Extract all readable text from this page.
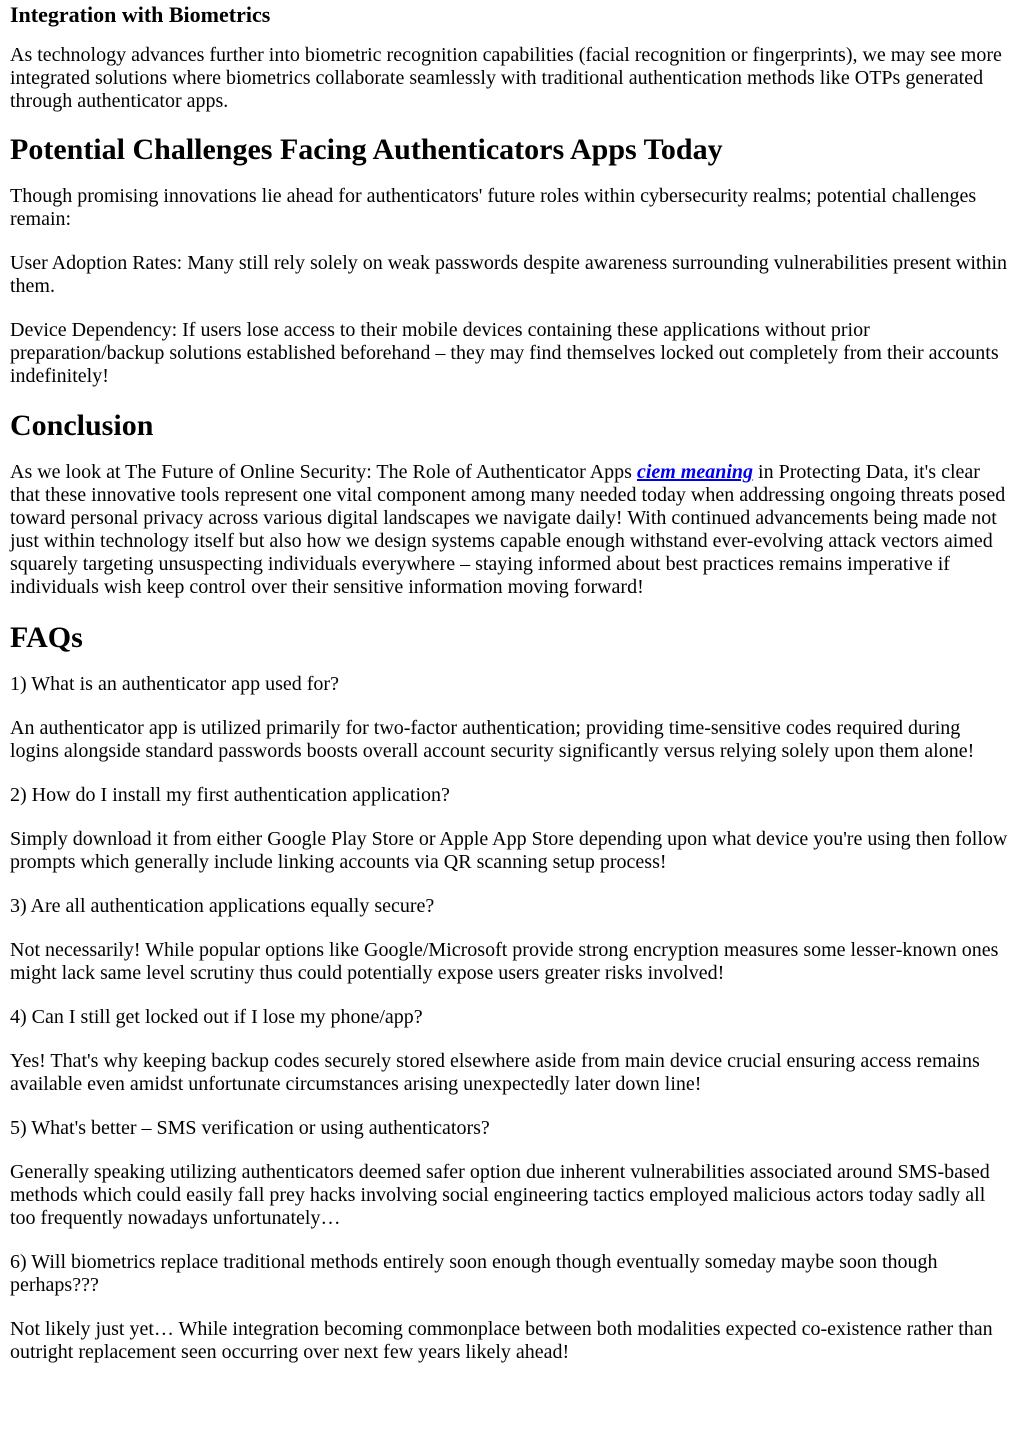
Integration with Biometrics

As technology advances further into biometric recognition capabilities (facial recognition or fingerprints), we may see more integrated solutions where biometrics collaborate seamlessly with traditional authentication methods like OTPs generated through authenticator apps.

Potential Challenges Facing Authenticators Apps Today

Though promising innovations lie ahead for authenticators' future roles within cybersecurity realms; potential challenges remain:

User Adoption Rates: Many still rely solely on weak passwords despite awareness surrounding vulnerabilities present within them.

Device Dependency: If users lose access to their mobile devices containing these applications without prior preparation/backup solutions established beforehand – they may find themselves locked out completely from their accounts indefinitely!

Conclusion

As we look at The Future of Online Security: The Role of Authenticator Apps ciem meaning in Protecting Data, it's clear that these innovative tools represent one vital component among many needed today when addressing ongoing threats posed toward personal privacy across various digital landscapes we navigate daily! With continued advancements being made not just within technology itself but also how we design systems capable enough withstand ever-evolving attack vectors aimed squarely targeting unsuspecting individuals everywhere – staying informed about best practices remains imperative if individuals wish keep control over their sensitive information moving forward!

FAQs

1) What is an authenticator app used for?

An authenticator app is utilized primarily for two-factor authentication; providing time-sensitive codes required during logins alongside standard passwords boosts overall account security significantly versus relying solely upon them alone!

2) How do I install my first authentication application?

Simply download it from either Google Play Store or Apple App Store depending upon what device you're using then follow prompts which generally include linking accounts via QR scanning setup process!

3) Are all authentication applications equally secure?

Not necessarily! While popular options like Google/Microsoft provide strong encryption measures some lesser-known ones might lack same level scrutiny thus could potentially expose users greater risks involved!

4) Can I still get locked out if I lose my phone/app?

Yes! That's why keeping backup codes securely stored elsewhere aside from main device crucial ensuring access remains available even amidst unfortunate circumstances arising unexpectedly later down line!

5) What's better – SMS verification or using authenticators?

Generally speaking utilizing authenticators deemed safer option due inherent vulnerabilities associated around SMS-based methods which could easily fall prey hacks involving social engineering tactics employed malicious actors today sadly all too frequently nowadays unfortunately…

6) Will biometrics replace traditional methods entirely soon enough though eventually someday maybe soon though perhaps???

Not likely just yet… While integration becoming commonplace between both modalities expected co-existence rather than outright replacement seen occurring over next few years likely ahead!
